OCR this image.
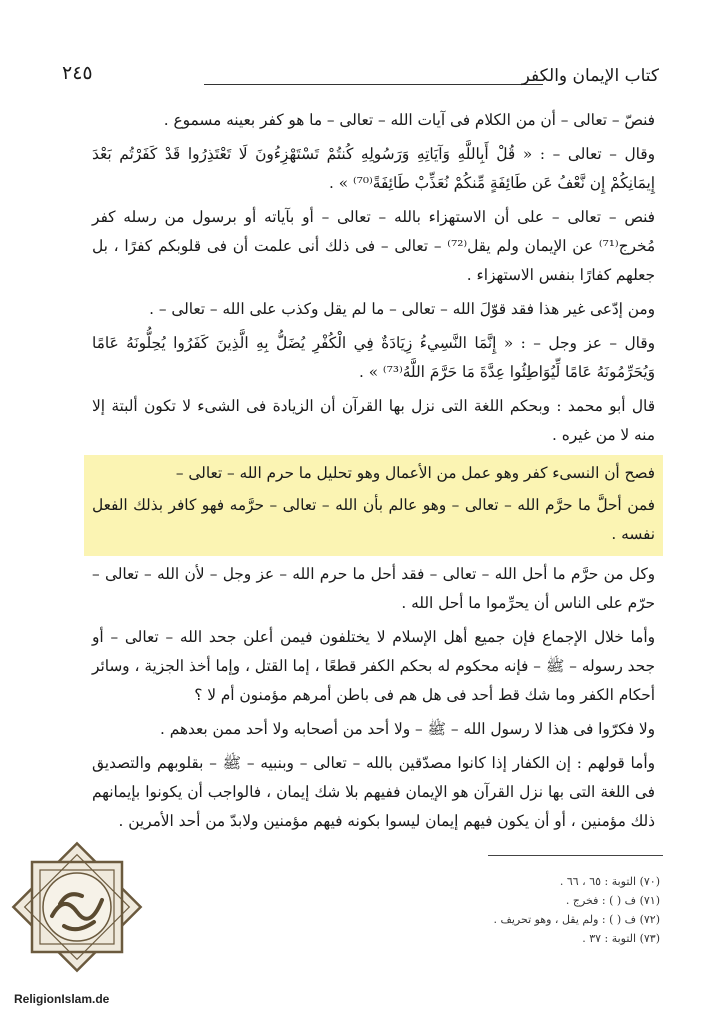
٢٤٥	كتاب الإيمان والكفر

فنصّ – تعالى – أن من الكلام فى آيات الله – تعالى – ما هو كفر بعينه مسموع .

وقال – تعالى – : « قُلْ أَبِاللَّهِ وَآيَاتِهِ وَرَسُولِهِ كُنتُمْ تَسْتَهْزِءُونَ لَا تَعْتَذِرُوا قَدْ كَفَرْتُم بَعْدَ إِيمَانِكُمْ إِن نَّعْفُ عَن طَائِفَةٍ مِّنكُمْ نُعَذِّبْ طَائِفَةً⁽⁷⁰⁾ » .

فنص – تعالى – على أن الاستهزاء بالله – تعالى – أو بآياته أو برسول من رسله كفر مُخرج⁽⁷¹⁾ عن الإيمان ولم يقل⁽⁷²⁾ – تعالى – فى ذلك أنى علمت أن فى قلوبكم كفرًا ، بل جعلهم كفارًا بنفس الاستهزاء .

ومن إدّعى غير هذا فقد قوّلَ الله – تعالى – ما لم يقل وكذب على الله – تعالى – .

وقال – عز وجل – : « إِنَّمَا النَّسِيءُ زِيَادَةٌ فِي الْكُفْرِ يُضَلُّ بِهِ الَّذِينَ كَفَرُوا يُحِلُّونَهُ عَامًا وَيُحَرِّمُونَهُ عَامًا لِّيُوَاطِئُوا عِدَّةَ مَا حَرَّمَ اللَّهُ⁽⁷³⁾ » .

قال أبو محمد : وبحكم اللغة التى نزل بها القرآن أن الزيادة فى الشىء لا تكون ألبتة إلا منه لا من غيره .

فصح أن النسىء كفر وهو عمل من الأعمال وهو تحليل ما حرم الله – تعالى –

فمن أحلَّ ما حرَّم الله – تعالى – وهو عالم بأن الله – تعالى – حرَّمه فهو كافر بذلك الفعل نفسه .

وكل من حرَّم ما أحل الله – تعالى – فقد أحل ما حرم الله – عز وجل – لأن الله – تعالى – حرّم على الناس أن يحرِّموا ما أحل الله .

وأما خلال الإجماع فإن جميع أهل الإسلام لا يختلفون فيمن أعلن جحد الله – تعالى – أو جحد رسوله – ﷺ – فإنه محكوم له بحكم الكفر قطعًا ، إما القتل ، وإما أخذ الجزية ، وسائر أحكام الكفر وما شك قط أحد فى هل هم فى باطن أمرهم مؤمنون أم لا ؟

ولا فكرّوا فى هذا لا رسول الله – ﷺ – ولا أحد من أصحابه ولا أحد ممن بعدهم .

وأما قولهم : إن الكفار إذا كانوا مصدّقين بالله – تعالى – وبنبيه – ﷺ – بقلوبهم والتصديق فى اللغة التى بها نزل القرآن هو الإيمان ففيهم بلا شك إيمان ، فالواجب أن يكونوا بإيمانهم ذلك مؤمنين ، أو أن يكون فيهم إيمان ليسوا بكونه فيهم مؤمنين ولابدّ من أحد الأمرين .

(٧٠) التوبة : ٦٥ ، ٦٦ .
(٧١) ف ( ) : فخرج .
(٧٢) ف ( ) : ولم يقل ، وهو تحريف .
(٧٣) التوبة : ٣٧ .
ReligionIslam.de
